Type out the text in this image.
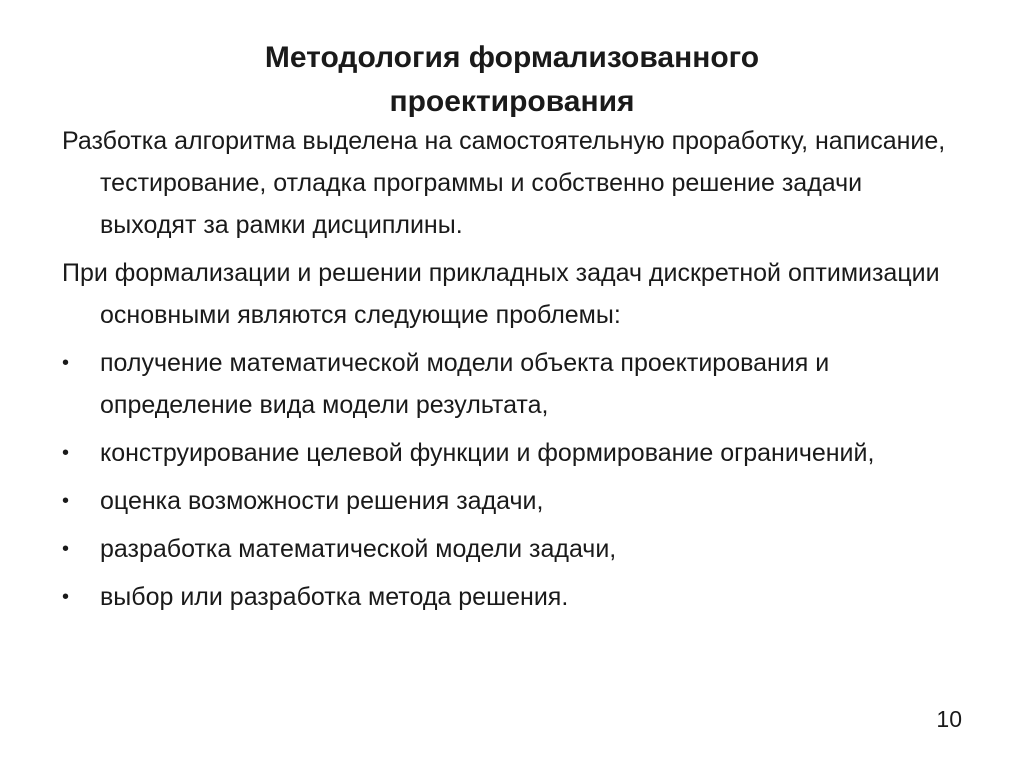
Методология формализованного
проектирования

Разботка алгоритма выделена на самостоятельную проработку, написание, тестирование, отладка программы и собственно решение задачи выходят за рамки дисциплины.

При формализации и решении прикладных задач дискретной оптимизации основными являются следующие проблемы:

• получение математической модели объекта проектирования и определение вида модели результата,
• конструирование целевой функции и формирование ограничений,
• оценка возможности решения задачи,
• разработка математической модели задачи,
• выбор или разработка метода решения.
10
